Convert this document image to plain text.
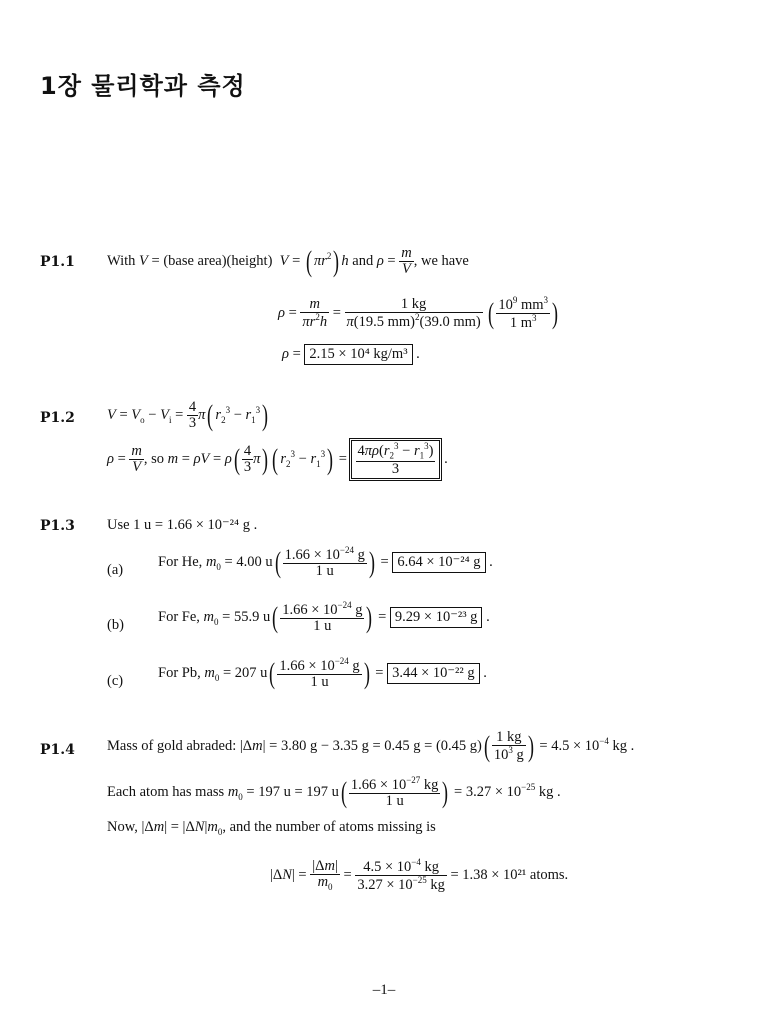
1장 물리학과 측정
P1.1 With V = (base area)(height)  V = ( $\pi r^2$) h and $\rho = \frac{m}{V}$ , we have
$\rho = \frac{m}{\pi r^2h} = \frac{1 kg}{\pi(19.5 mm)^2(39.0 mm)}$ ( $\frac{10^9 mm^3}{1 m^3}$ )
ρ = 2.15 × 10⁴ kg/m³ .
P1.2 $V = V_o - V_i = \frac{4}{3} \pi$( $r_2^3 - r_1^3$)
$\rho = \frac{m}{V}$ , so $m = \rho V = \rho( \frac{4}{3} \pi)$ ( $r_2^3 - r_1^3) = \frac{4\pi\rho(r_2^3 - r_1^3)}{3}$ .
P1.3 Use 1 u = 1.66 × 10⁻²⁴ g .
(a)
For He, $m_0 = 4.00$ $u( \frac{1.66 \times 10^{-24} g}{1 u}$ ) = 6.64 × 10⁻²⁴ g .
(b)
For Fe, $m_0 = 55.9$ $u( \frac{1.66 \times 10^{-24} g}{1 u}$ ) = 9.29 × 10⁻²³ g .
(c)
For Pb, $m_0 = 207$ $u( \frac{1.66 \times 10^{-24} g}{1 u}$ ) = 3.44 × 10⁻²² g .
P1.4 Mass of gold abraded: |Δm| = 3.80 g − 3.35 g = 0.45 g = (0.45 $g)( \frac{1 kg}{10^3 g}$ ) = $4.5 \times 10^{-4}$ kg .
Each atom has mass $m_0 = 197$ u = 197 $u( \frac{1.66 \times 10^{-27} kg}{1 u}$ ) = $3.27 \times 10^{-25}$ kg .
Now, $|\Delta m| = |\Delta N|m_0$, and the number of atoms missing is
$|\Delta N| = \frac{|\Delta m|}{m_0} = \frac{4.5 \times 10^{-4} kg}{3.27 \times 10^{-25} kg} = 1.38 \times 10^{21}$ atoms.
–1–
